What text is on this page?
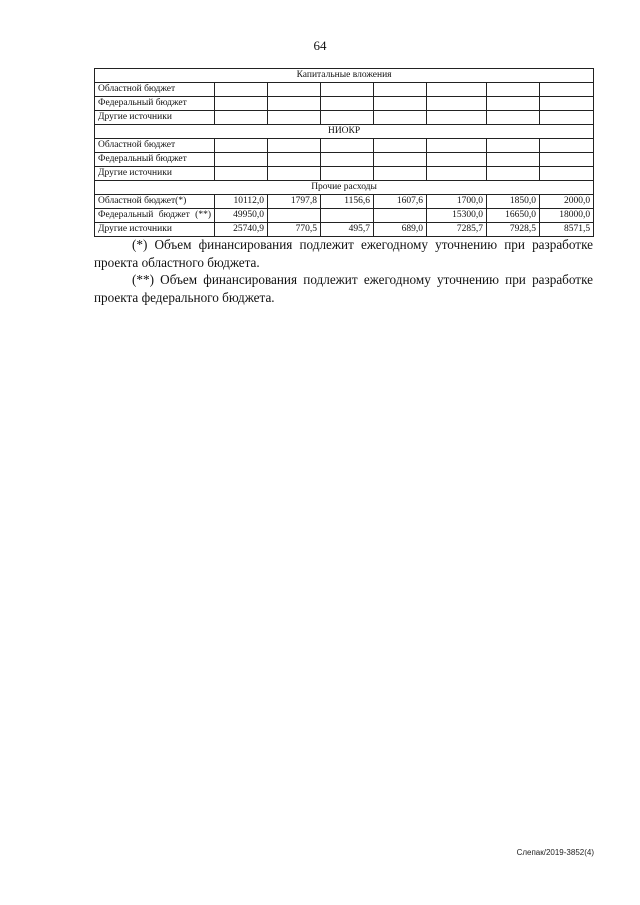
64
Капитальные вложения							
Областной бюджет							
Федеральный бюджет							
Другие источники							
НИОКР							
Областной бюджет							
Федеральный бюджет							
Другие источники							
Прочие расходы							
Областной бюджет(*)	10112,0	1797,8	1156,6	1607,6	1700,0	1850,0	2000,0
Федеральный бюджет (**)	49950,0				15300,0	16650,0	18000,0
Другие источники	25740,9	770,5	495,7	689,0	7285,7	7928,5	8571,5

(*) Объем финансирования подлежит ежегодному уточнению при разработке проекта областного бюджета.

(**) Объем финансирования подлежит ежегодному уточнению при разработке проекта федерального бюджета.

Слепак/2019-3852(4)
